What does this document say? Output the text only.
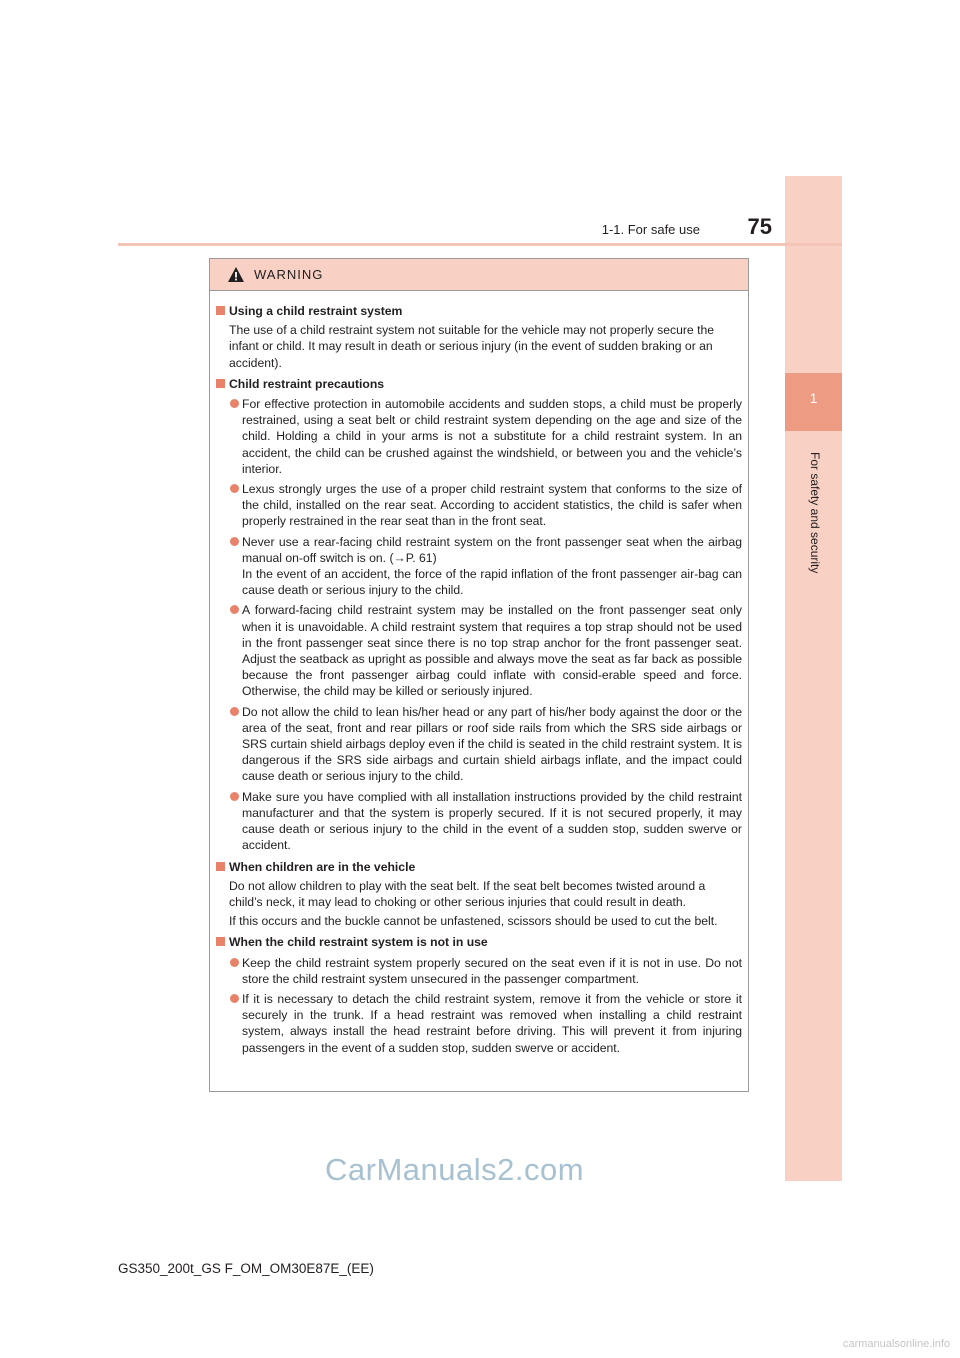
1
For safety and security
1-1. For safe use	75
WARNING
Using a child restraint system
The use of a child restraint system not suitable for the vehicle may not properly secure the infant or child. It may result in death or serious injury (in the event of sudden braking or an accident).
Child restraint precautions
For effective protection in automobile accidents and sudden stops, a child must be properly restrained, using a seat belt or child restraint system depending on the age and size of the child. Holding a child in your arms is not a substitute for a child restraint system. In an accident, the child can be crushed against the windshield, or between you and the vehicle’s interior.
Lexus strongly urges the use of a proper child restraint system that conforms to the size of the child, installed on the rear seat. According to accident statistics, the child is safer when properly restrained in the rear seat than in the front seat.
Never use a rear-facing child restraint system on the front passenger seat when the airbag manual on-off switch is on. (→P. 61)
In the event of an accident, the force of the rapid inflation of the front passenger air-bag can cause death or serious injury to the child.
A forward-facing child restraint system may be installed on the front passenger seat only when it is unavoidable. A child restraint system that requires a top strap should not be used in the front passenger seat since there is no top strap anchor for the front passenger seat. Adjust the seatback as upright as possible and always move the seat as far back as possible because the front passenger airbag could inflate with consid-erable speed and force. Otherwise, the child may be killed or seriously injured.
Do not allow the child to lean his/her head or any part of his/her body against the door or the area of the seat, front and rear pillars or roof side rails from which the SRS side airbags or SRS curtain shield airbags deploy even if the child is seated in the child restraint system. It is dangerous if the SRS side airbags and curtain shield airbags inflate, and the impact could cause death or serious injury to the child.
Make sure you have complied with all installation instructions provided by the child restraint manufacturer and that the system is properly secured. If it is not secured properly, it may cause death or serious injury to the child in the event of a sudden stop, sudden swerve or accident.
When children are in the vehicle
Do not allow children to play with the seat belt. If the seat belt becomes twisted around a child’s neck, it may lead to choking or other serious injuries that could result in death.
If this occurs and the buckle cannot be unfastened, scissors should be used to cut the belt.
When the child restraint system is not in use
Keep the child restraint system properly secured on the seat even if it is not in use. Do not store the child restraint system unsecured in the passenger compartment.
If it is necessary to detach the child restraint system, remove it from the vehicle or store it securely in the trunk. If a head restraint was removed when installing a child restraint system, always install the head restraint before driving. This will prevent it from injuring passengers in the event of a sudden stop, sudden swerve or accident.
CarManuals2.com
GS350_200t_GS F_OM_OM30E87E_(EE)
carmanualsonline.info
